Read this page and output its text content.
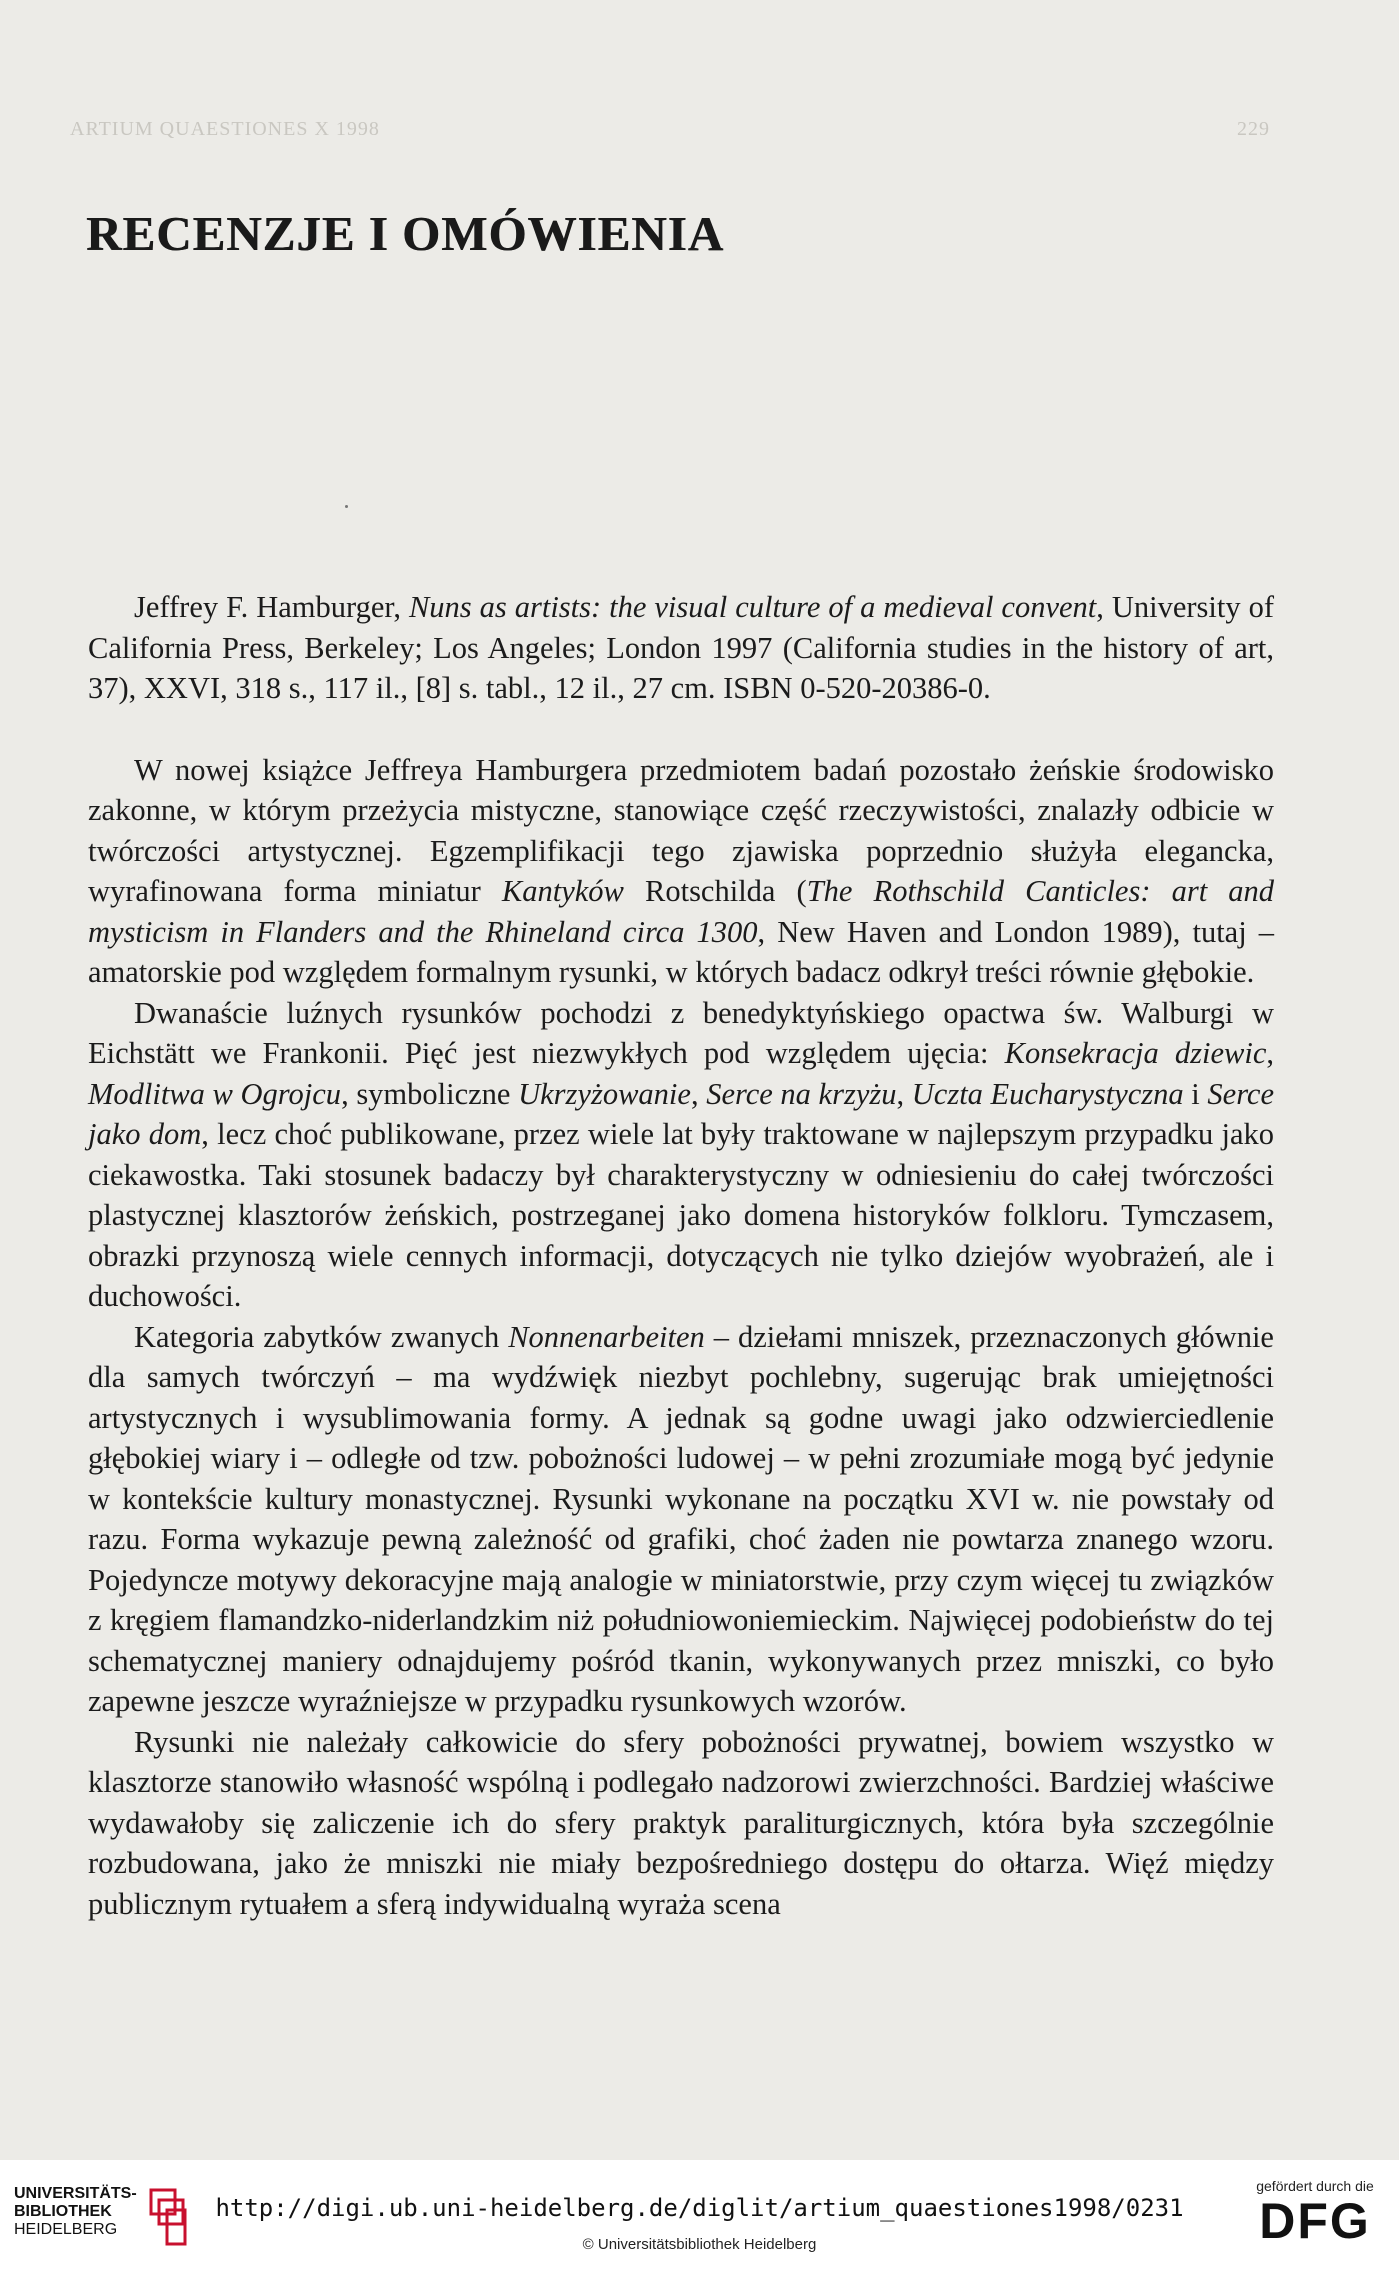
ARTIUM QUAESTIONES X 1998	229
RECENZJE I OMÓWIENIA

Jeffrey F. Hamburger, Nuns as artists: the visual culture of a medieval convent, University of California Press, Berkeley; Los Angeles; London 1997 (California studies in the history of art, 37), XXVI, 318 s., 117 il., [8] s. tabl., 12 il., 27 cm. ISBN 0-520-20386-0.

W nowej książce Jeffreya Hamburgera przedmiotem badań pozostało żeńskie środowisko zakonne, w którym przeżycia mistyczne, stanowiące część rzeczywistości, znalazły odbicie w twórczości artystycznej. Egzemplifikacji tego zjawiska poprzednio służyła elegancka, wyrafinowana forma miniatur Kantyków Rotschilda (The Rothschild Canticles: art and mysticism in Flanders and the Rhineland circa 1300, New Haven and London 1989), tutaj – amatorskie pod względem formalnym rysunki, w których badacz odkrył treści równie głębokie.

Dwanaście luźnych rysunków pochodzi z benedyktyńskiego opactwa św. Walburgi w Eichstätt we Frankonii. Pięć jest niezwykłych pod względem ujęcia: Konsekracja dziewic, Modlitwa w Ogrojcu, symboliczne Ukrzyżowanie, Serce na krzyżu, Uczta Eucharystyczna i Serce jako dom, lecz choć publikowane, przez wiele lat były traktowane w najlepszym przypadku jako ciekawostka. Taki stosunek badaczy był charakterystyczny w odniesieniu do całej twórczości plastycznej klasztorów żeńskich, postrzeganej jako domena historyków folkloru. Tymczasem, obrazki przynoszą wiele cennych informacji, dotyczących nie tylko dziejów wyobrażeń, ale i duchowości.

Kategoria zabytków zwanych Nonnenarbeiten – dziełami mniszek, przeznaczonych głównie dla samych twórczyń – ma wydźwięk niezbyt pochlebny, sugerując brak umiejętności artystycznych i wysublimowania formy. A jednak są godne uwagi jako odzwierciedlenie głębokiej wiary i – odległe od tzw. pobożności ludowej – w pełni zrozumiałe mogą być jedynie w kontekście kultury monastycznej. Rysunki wykonane na początku XVI w. nie powstały od razu. Forma wykazuje pewną zależność od grafiki, choć żaden nie powtarza znanego wzoru. Pojedyncze motywy dekoracyjne mają analogie w miniatorstwie, przy czym więcej tu związków z kręgiem flamandzko-niderlandzkim niż południowoniemieckim. Najwięcej podobieństw do tej schematycznej maniery odnajdujemy pośród tkanin, wykonywanych przez mniszki, co było zapewne jeszcze wyraźniejsze w przypadku rysunkowych wzorów.

Rysunki nie należały całkowicie do sfery pobożności prywatnej, bowiem wszystko w klasztorze stanowiło własność wspólną i podlegało nadzorowi zwierzchności. Bardziej właściwe wydawałoby się zaliczenie ich do sfery praktyk paraliturgicznych, która była szczególnie rozbudowana, jako że mniszki nie miały bezpośredniego dostępu do ołtarza. Więź między publicznym rytuałem a sferą indywidualną wyraża scena

UNIVERSITÄTS-
BIBLIOTHEK
HEIDELBERG
http://digi.ub.uni-heidelberg.de/diglit/artium_quaestiones1998/0231
© Universitätsbibliothek Heidelberg
gefördert durch die
DFG
